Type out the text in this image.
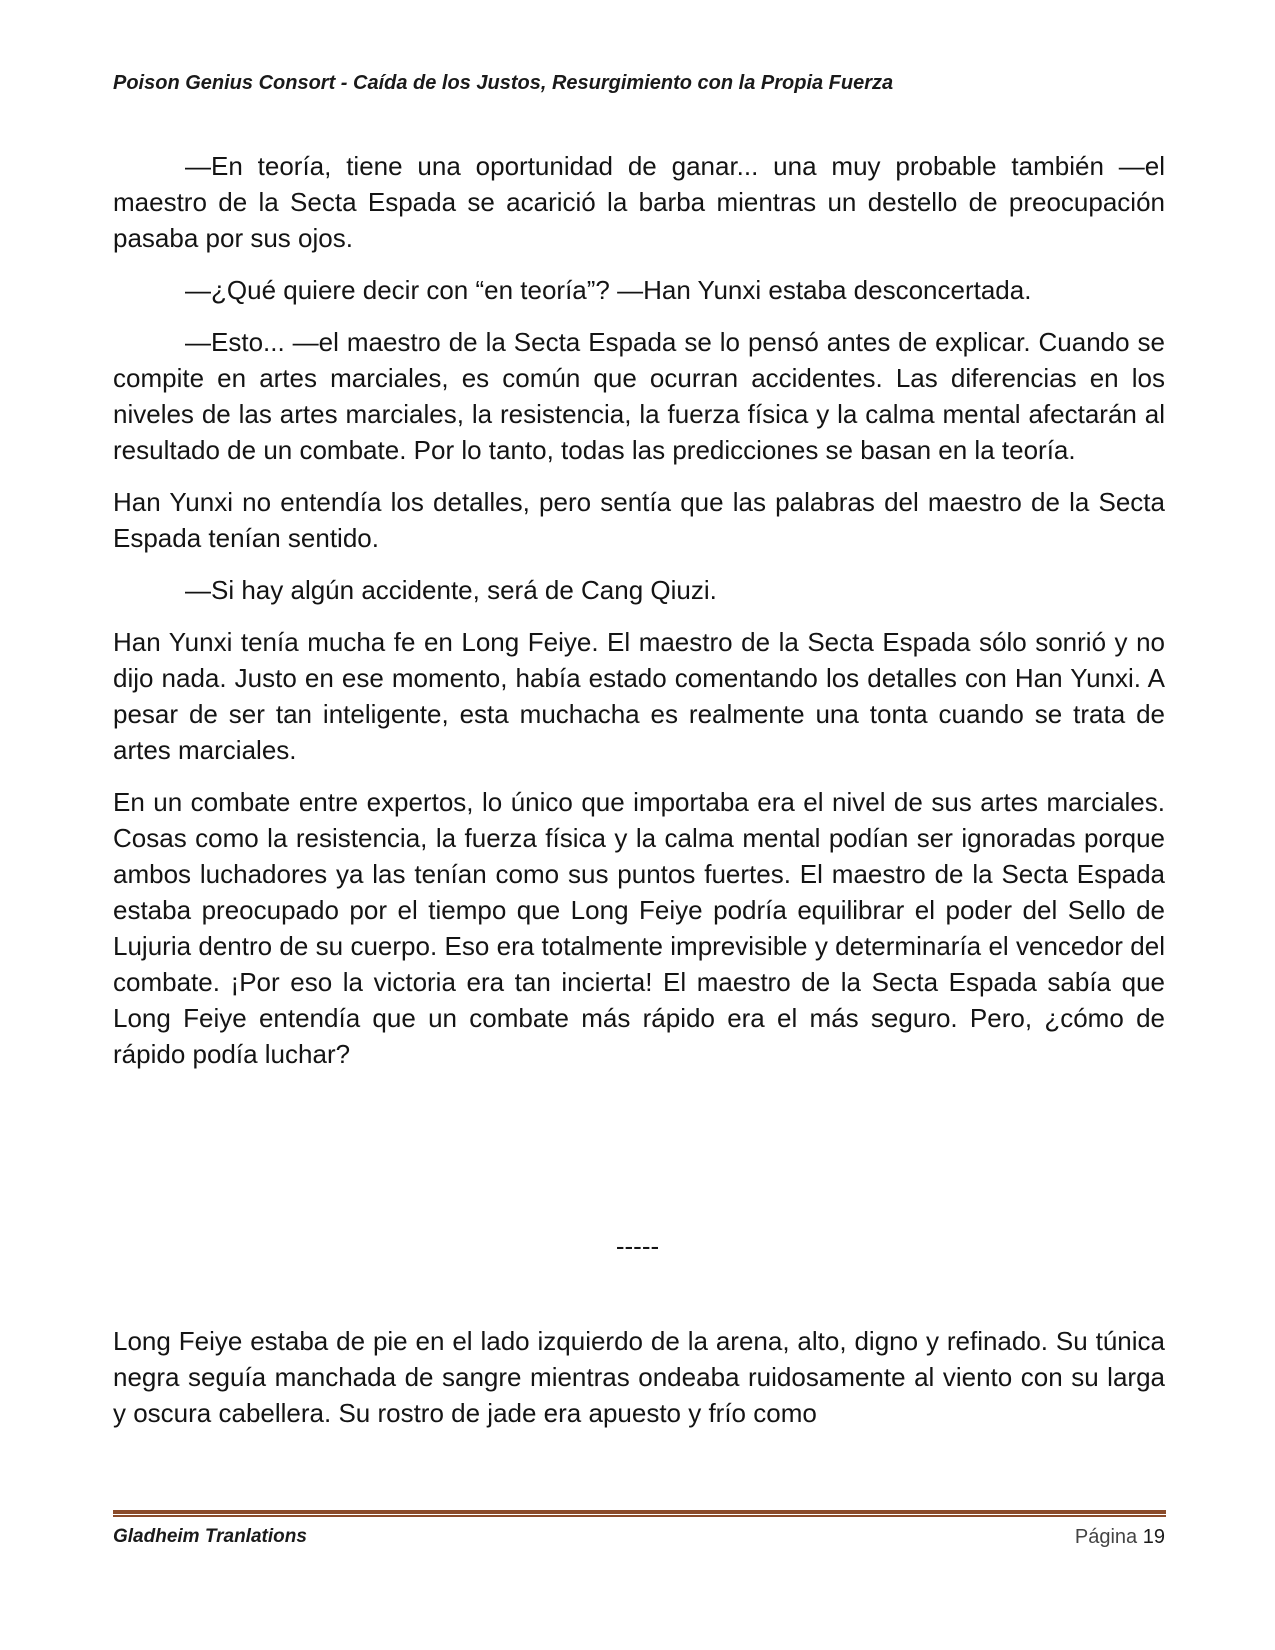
Poison Genius Consort - Caída de los Justos, Resurgimiento con la Propia Fuerza

—En teoría, tiene una oportunidad de ganar... una muy probable también —el maestro de la Secta Espada se acarició la barba mientras un destello de preocupación pasaba por sus ojos.

—¿Qué quiere decir con “en teoría”? —Han Yunxi estaba desconcertada.

—Esto... —el maestro de la Secta Espada se lo pensó antes de explicar. Cuando se compite en artes marciales, es común que ocurran accidentes. Las diferencias en los niveles de las artes marciales, la resistencia, la fuerza física y la calma mental afectarán al resultado de un combate. Por lo tanto, todas las predicciones se basan en la teoría.

Han Yunxi no entendía los detalles, pero sentía que las palabras del maestro de la Secta Espada tenían sentido.

—Si hay algún accidente, será de Cang Qiuzi.

Han Yunxi tenía mucha fe en Long Feiye. El maestro de la Secta Espada sólo sonrió y no dijo nada. Justo en ese momento, había estado comentando los detalles con Han Yunxi. A pesar de ser tan inteligente, esta muchacha es realmente una tonta cuando se trata de artes marciales.

En un combate entre expertos, lo único que importaba era el nivel de sus artes marciales. Cosas como la resistencia, la fuerza física y la calma mental podían ser ignoradas porque ambos luchadores ya las tenían como sus puntos fuertes. El maestro de la Secta Espada estaba preocupado por el tiempo que Long Feiye podría equilibrar el poder del Sello de Lujuria dentro de su cuerpo. Eso era totalmente imprevisible y determinaría el vencedor del combate. ¡Por eso la victoria era tan incierta! El maestro de la Secta Espada sabía que Long Feiye entendía que un combate más rápido era el más seguro. Pero, ¿cómo de rápido podía luchar?

-----

Long Feiye estaba de pie en el lado izquierdo de la arena, alto, digno y refinado. Su túnica negra seguía manchada de sangre mientras ondeaba ruidosamente al viento con su larga y oscura cabellera. Su rostro de jade era apuesto y frío como

Gladheim Tranlations	Página 19
